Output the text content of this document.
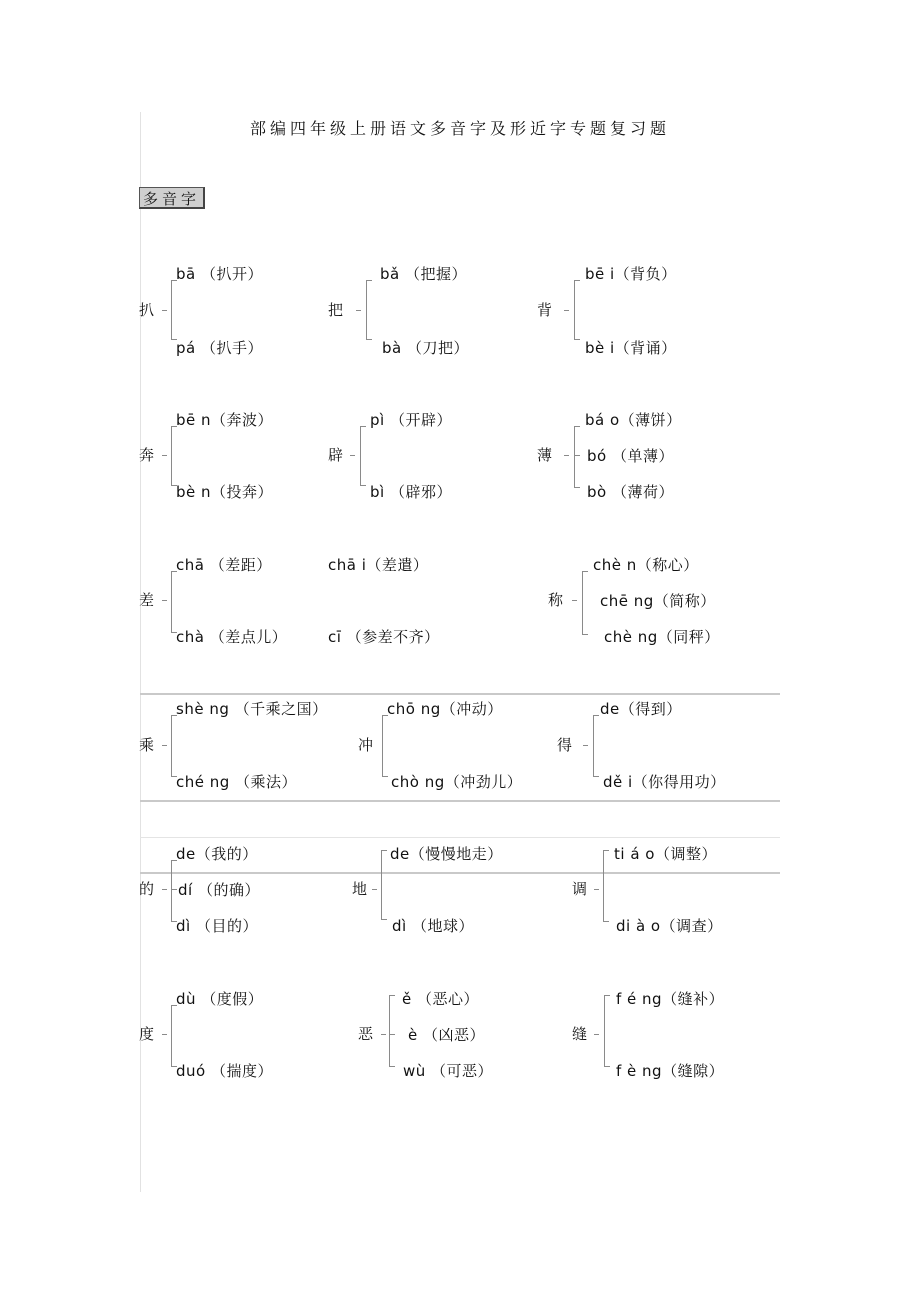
部编四年级上册语文多音字及形近字专题复习题
多音字
扒
bā （扒开）
pá （扒手）
把
bǎ （把握）
bà （刀把）
背
bē i（背负）
bè i（背诵）
奔
bē n（奔波）
bè n（投奔）
辟
pì （开辟）
bì （辟邪）
薄
bá o（薄饼）
bó （单薄）
bò （薄荷）
差
chā （差距）
chà （差点儿）
chā i（差遣）
cī （参差不齐）
称
chè n（称心）
chē ng（简称）
chè ng（同秤）
乘
shè ng （千乘之国）
ché ng （乘法）
冲
chō ng（冲动）
chò ng（冲劲儿）
得
de（得到）
dě i（你得用功）
的
de（我的）
dí （的确）
dì （目的）
地
de（慢慢地走）
dì （地球）
调
ti á o（调整）
di à o（调查）
度
dù （度假）
duó （揣度）
恶
ě （恶心）
è （凶恶）
wù （可恶）
缝
f é ng（缝补）
f è ng（缝隙）
